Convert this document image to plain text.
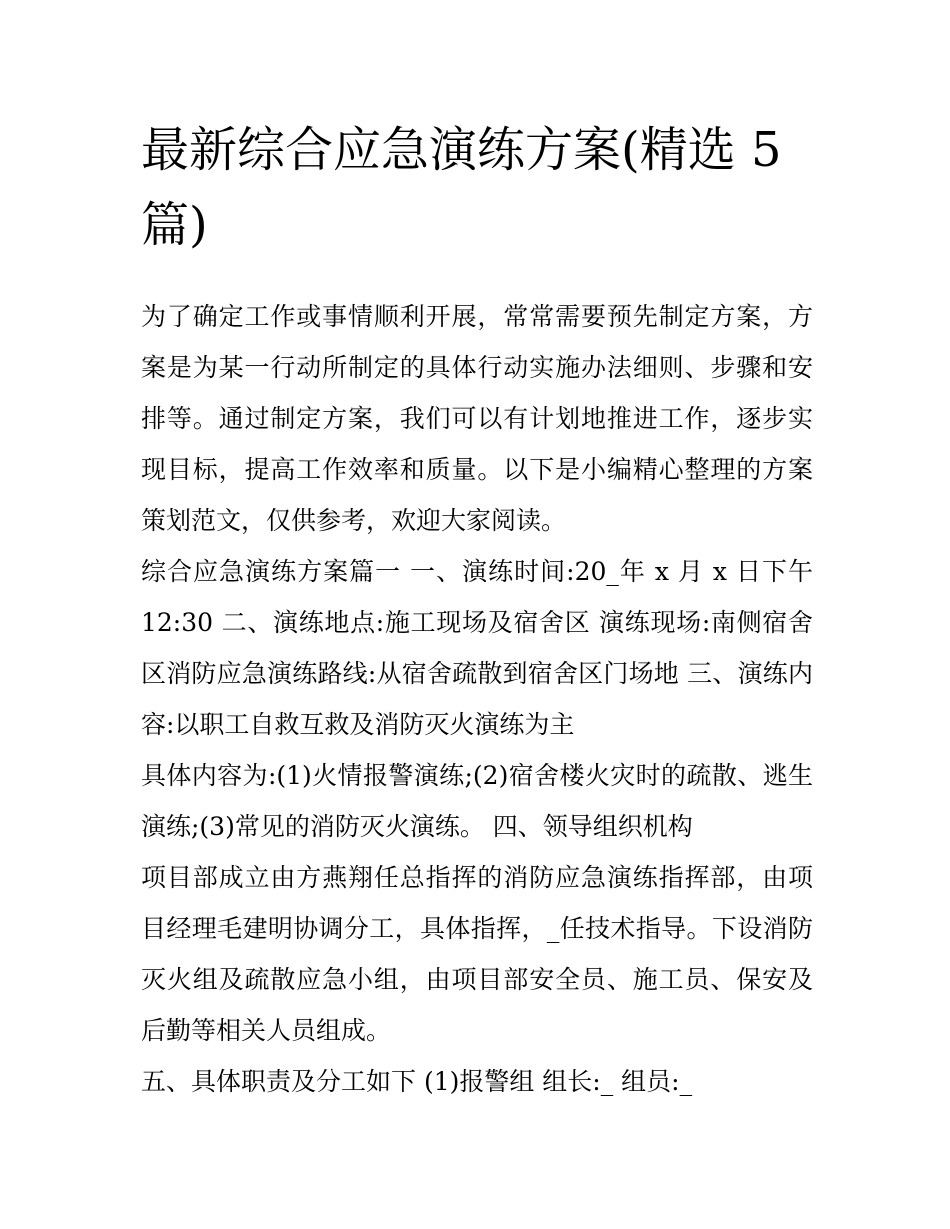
最新综合应急演练方案(精选 5 篇)

为了确定工作或事情顺利开展，常常需要预先制定方案，方案是为某一行动所制定的具体行动实施办法细则、步骤和安排等。通过制定方案，我们可以有计划地推进工作，逐步实现目标，提高工作效率和质量。以下是小编精心整理的方案策划范文，仅供参考，欢迎大家阅读。

综合应急演练方案篇一 一、演练时间:20_年 x 月 x 日下午 12:30 二、演练地点:施工现场及宿舍区 演练现场:南侧宿舍区消防应急演练路线:从宿舍疏散到宿舍区门场地 三、演练内容:以职工自救互救及消防灭火演练为主

具体内容为:(1)火情报警演练;(2)宿舍楼火灾时的疏散、逃生演练;(3)常见的消防灭火演练。 四、领导组织机构

项目部成立由方燕翔任总指挥的消防应急演练指挥部，由项目经理毛建明协调分工，具体指挥，_任技术指导。下设消防灭火组及疏散应急小组，由项目部安全员、施工员、保安及后勤等相关人员组成。

五、具体职责及分工如下 (1)报警组 组长:_ 组员:_
